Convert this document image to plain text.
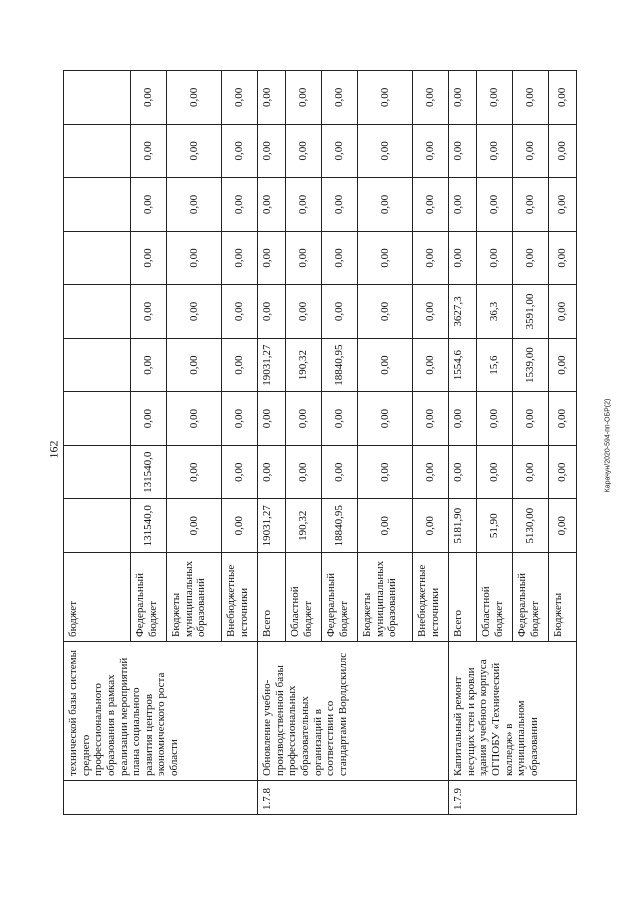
162	Карачун/2020-594-пп-ОБР(2)
	технической базы системы среднего профессионального образования в рамках реализации мероприятий плана социального развития центров экономического роста области	бюджет									
		Федеральный бюджет	131540,0	131540,0	0,00	0,00	0,00	0,00	0,00	0,00	0,00
		Бюджеты муниципальных образований	0,00	0,00	0,00	0,00	0,00	0,00	0,00	0,00	0,00
		Внебюджетные источники	0,00	0,00	0,00	0,00	0,00	0,00	0,00	0,00	0,00
1.7.8	Обновление учебно-производственной базы профессиональных образовательных организаций в соответствии со стандартами Ворлдскиллс	Всего	19031,27	0,00	0,00	19031,27	0,00	0,00	0,00	0,00	0,00
		Областной бюджет	190,32	0,00	0,00	190,32	0,00	0,00	0,00	0,00	0,00
		Федеральный бюджет	18840,95	0,00	0,00	18840,95	0,00	0,00	0,00	0,00	0,00
		Бюджеты муниципальных образований	0,00	0,00	0,00	0,00	0,00	0,00	0,00	0,00	0,00
		Внебюджетные источники	0,00	0,00	0,00	0,00	0,00	0,00	0,00	0,00	0,00
1.7.9	Капитальный ремонт несущих стен и кровли здания учебного корпуса ОГПОБУ «Технический колледж» в муниципальном образовании	Всего	5181,90	0,00	0,00	1554,6	3627,3	0,00	0,00	0,00	0,00
		Областной бюджет	51,90	0,00	0,00	15,6	36,3	0,00	0,00	0,00	0,00
		Федеральный бюджет	5130,00	0,00	0,00	1539,00	3591,00	0,00	0,00	0,00	0,00
		Бюджеты	0,00	0,00	0,00	0,00	0,00	0,00	0,00	0,00	0,00
